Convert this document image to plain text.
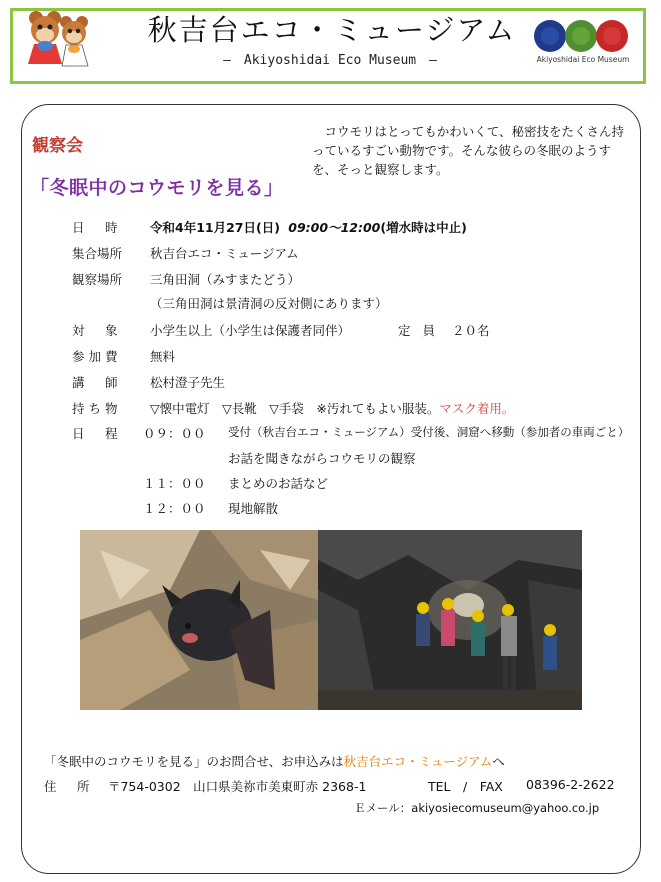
秋吉台エコ・ミュージアム
―　Akiyoshidai Eco Museum　―	Akiyoshidai Eco Museum
観察会
　コウモリはとってもかわいくて、秘密技をたくさん持っているすごい動物です。そんな彼らの冬眠のようすを、そっと観察します。
「冬眠中のコウモリを見る」
日　時	令和4年11月27日(日) 09:00～12:00(増水時は中止)
集合場所	秋吉台エコ・ミュージアム
観察場所	三角田洞（みすまたどう）
（三角田洞は景清洞の反対側にあります）
対　象	小学生以上（小学生は保護者同伴）	定 員 ２０名
参加費	無料
講　師	松村澄子先生
持ち物	▽懐中電灯　▽長靴　▽手袋　※汚れてもよい服装。マスク着用。
日　程	０９：００ 受付（秋吉台エコ・ミュージアム）受付後、洞窟へ移動（参加者の車両ごと）
お話を聞きながらコウモリの観察
１１：００ まとめのお話など
１２：００ 現地解散
「冬眠中のコウモリを見る」のお問合せ、お申込みは秋吉台エコ・ミュージアムへ
住　所 〒754-0302　山口県美祢市美東町赤 2368-1	TEL　/　FAX 08396-2-2622
Ｅメール：akiyosiecomuseum@yahoo.co.jp
